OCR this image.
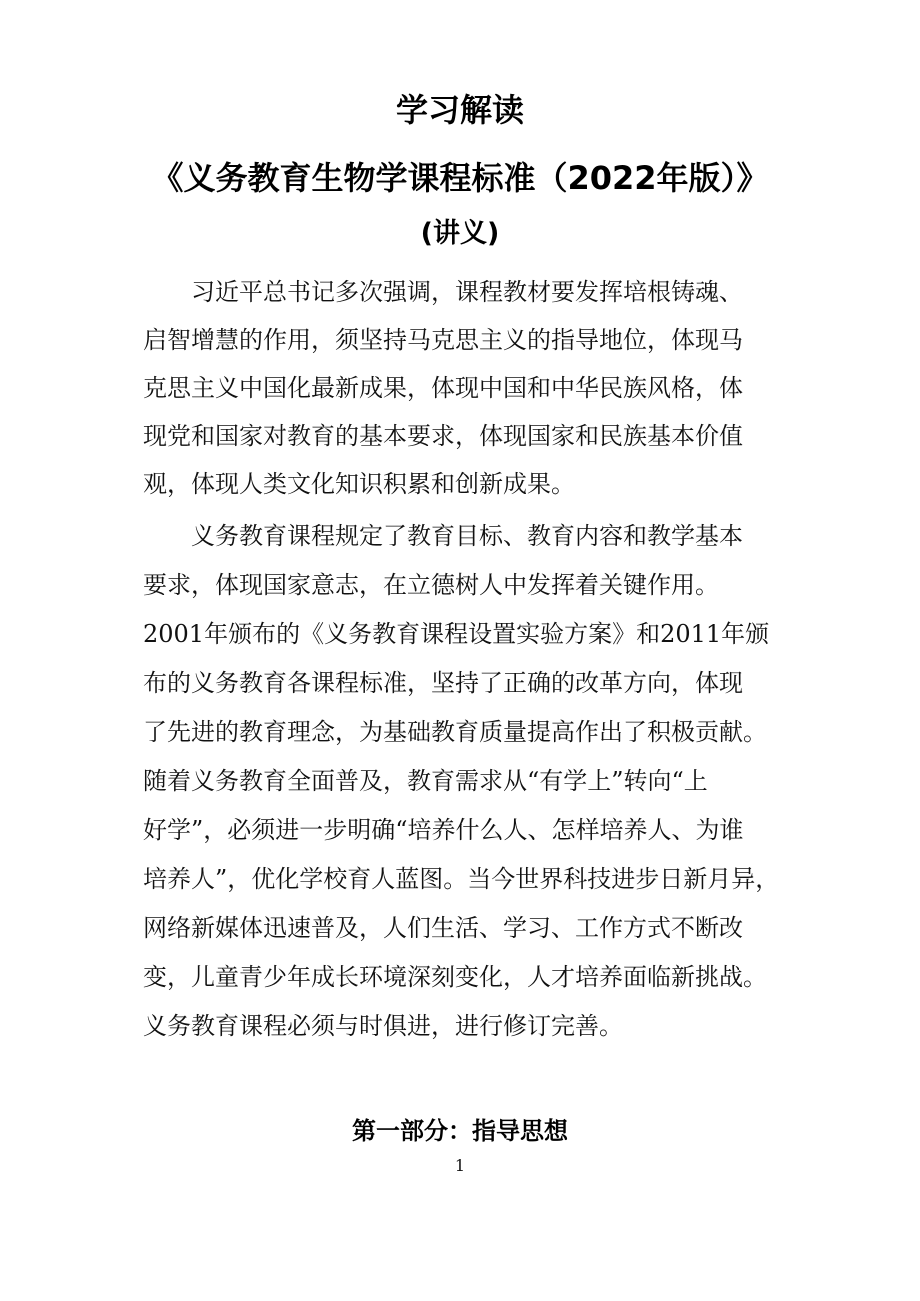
学习解读
《义务教育生物学课程标准（2022年版）》
(讲义)
习近平总书记多次强调，课程教材要发挥培根铸魂、
启智增慧的作用，须坚持马克思主义的指导地位，体现马
克思主义中国化最新成果，体现中国和中华民族风格，体
现党和国家对教育的基本要求，体现国家和民族基本价值
观，体现人类文化知识积累和创新成果。
义务教育课程规定了教育目标、教育内容和教学基本
要求，体现国家意志，在立德树人中发挥着关键作用。
2001年颁布的《义务教育课程设置实验方案》和2011年颁
布的义务教育各课程标准，坚持了正确的改革方向，体现
了先进的教育理念，为基础教育质量提高作出了积极贡献。
随着义务教育全面普及，教育需求从“有学上”转向“上
好学”，必须进一步明确“培养什么人、怎样培养人、为谁
培养人”，优化学校育人蓝图。当今世界科技进步日新月异，
网络新媒体迅速普及，人们生活、学习、工作方式不断改
变，儿童青少年成长环境深刻变化，人才培养面临新挑战。
义务教育课程必须与时俱进，进行修订完善。
第一部分：指导思想
1
